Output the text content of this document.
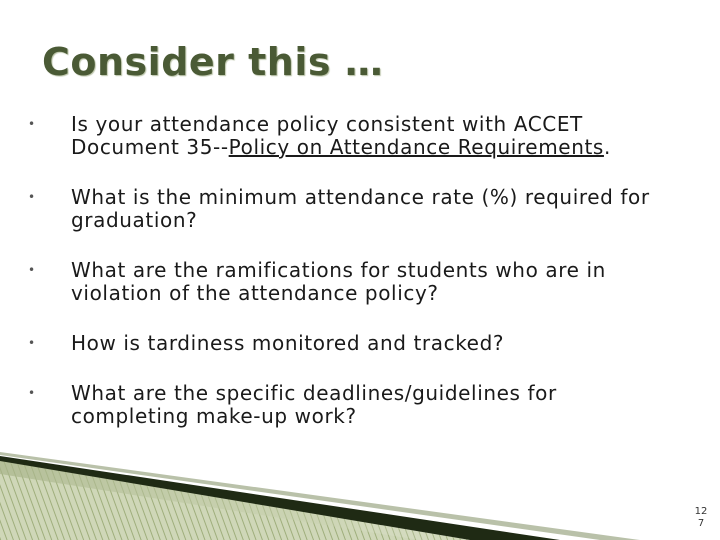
Consider this …
• Is your attendance policy consistent with ACCET
Document 35--Policy on Attendance Requirements.
• What is the minimum attendance rate (%) required for
graduation?
• What are the ramifications for students who are in
violation of the attendance policy?
• How is tardiness monitored and tracked?
• What are the specific deadlines/guidelines for
completing make-up work?
12
7
